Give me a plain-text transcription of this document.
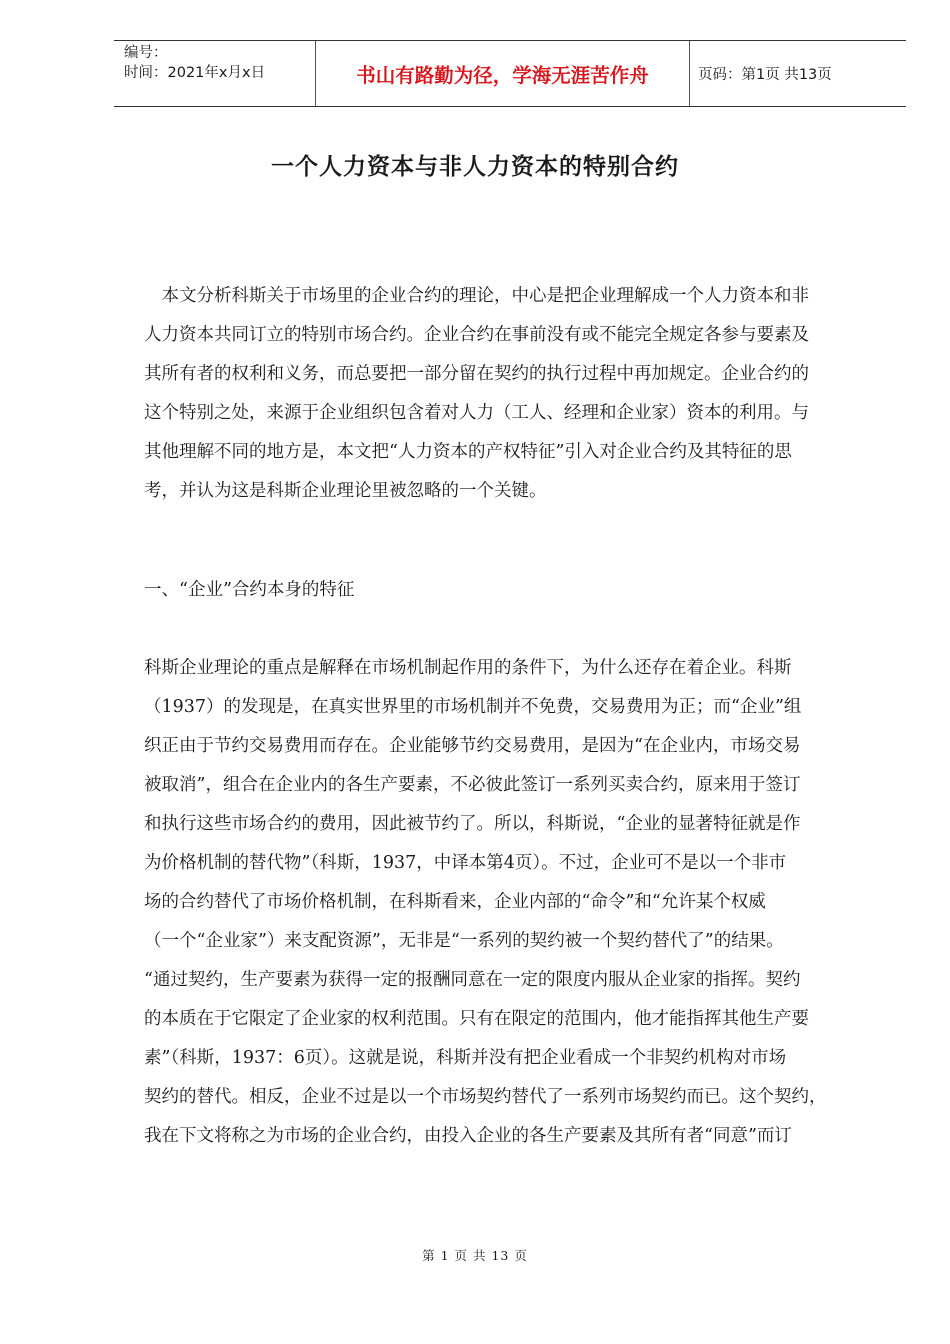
编号：
时间：2021年x月x日	书山有路勤为径，学海无涯苦作舟	页码：第1页 共13页
一个人力资本与非人力资本的特别合约
　本文分析科斯关于市场里的企业合约的理论，中心是把企业理解成一个人力资本和非
人力资本共同订立的特别市场合约。企业合约在事前没有或不能完全规定各参与要素及
其所有者的权利和义务，而总要把一部分留在契约的执行过程中再加规定。企业合约的
这个特别之处，来源于企业组织包含着对人力（工人、经理和企业家）资本的利用。与
其他理解不同的地方是，本文把“人力资本的产权特征”引入对企业合约及其特征的思
考，并认为这是科斯企业理论里被忽略的一个关键。
一、“企业”合约本身的特征
科斯企业理论的重点是解释在市场机制起作用的条件下，为什么还存在着企业。科斯
（1937）的发现是，在真实世界里的市场机制并不免费，交易费用为正；而“企业”组
织正由于节约交易费用而存在。企业能够节约交易费用，是因为“在企业内，市场交易
被取消”，组合在企业内的各生产要素，不必彼此签订一系列买卖合约，原来用于签订
和执行这些市场合约的费用，因此被节约了。所以，科斯说，“企业的显著特征就是作
为价格机制的替代物”（科斯，1937，中译本第4页）。不过，企业可不是以一个非市
场的合约替代了市场价格机制，在科斯看来，企业内部的“命令”和“允许某个权威
（一个“企业家”）来支配资源”，无非是“一系列的契约被一个契约替代了”的结果。
“通过契约，生产要素为获得一定的报酬同意在一定的限度内服从企业家的指挥。契约
的本质在于它限定了企业家的权利范围。只有在限定的范围内，他才能指挥其他生产要
素”（科斯，1937：6页）。这就是说，科斯并没有把企业看成一个非契约机构对市场
契约的替代。相反，企业不过是以一个市场契约替代了一系列市场契约而已。这个契约，
我在下文将称之为市场的企业合约，由投入企业的各生产要素及其所有者“同意”而订
第 1 页 共 13 页
